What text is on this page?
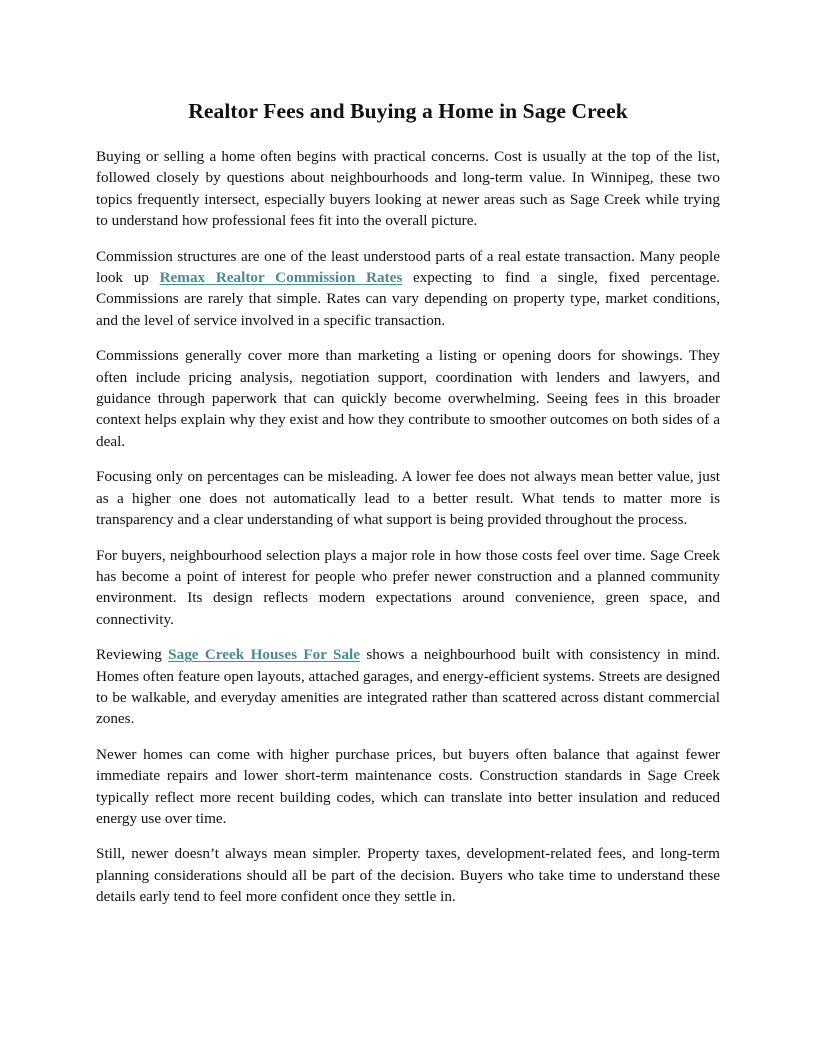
Realtor Fees and Buying a Home in Sage Creek

Buying or selling a home often begins with practical concerns. Cost is usually at the top of the list, followed closely by questions about neighbourhoods and long-term value. In Winnipeg, these two topics frequently intersect, especially buyers looking at newer areas such as Sage Creek while trying to understand how professional fees fit into the overall picture.

Commission structures are one of the least understood parts of a real estate transaction. Many people look up Remax Realtor Commission Rates expecting to find a single, fixed percentage. Commissions are rarely that simple. Rates can vary depending on property type, market conditions, and the level of service involved in a specific transaction.

Commissions generally cover more than marketing a listing or opening doors for showings. They often include pricing analysis, negotiation support, coordination with lenders and lawyers, and guidance through paperwork that can quickly become overwhelming. Seeing fees in this broader context helps explain why they exist and how they contribute to smoother outcomes on both sides of a deal.

Focusing only on percentages can be misleading. A lower fee does not always mean better value, just as a higher one does not automatically lead to a better result. What tends to matter more is transparency and a clear understanding of what support is being provided throughout the process.

For buyers, neighbourhood selection plays a major role in how those costs feel over time. Sage Creek has become a point of interest for people who prefer newer construction and a planned community environment. Its design reflects modern expectations around convenience, green space, and connectivity.

Reviewing Sage Creek Houses For Sale shows a neighbourhood built with consistency in mind. Homes often feature open layouts, attached garages, and energy-efficient systems. Streets are designed to be walkable, and everyday amenities are integrated rather than scattered across distant commercial zones.

Newer homes can come with higher purchase prices, but buyers often balance that against fewer immediate repairs and lower short-term maintenance costs. Construction standards in Sage Creek typically reflect more recent building codes, which can translate into better insulation and reduced energy use over time.

Still, newer doesn’t always mean simpler. Property taxes, development-related fees, and long-term planning considerations should all be part of the decision. Buyers who take time to understand these details early tend to feel more confident once they settle in.
